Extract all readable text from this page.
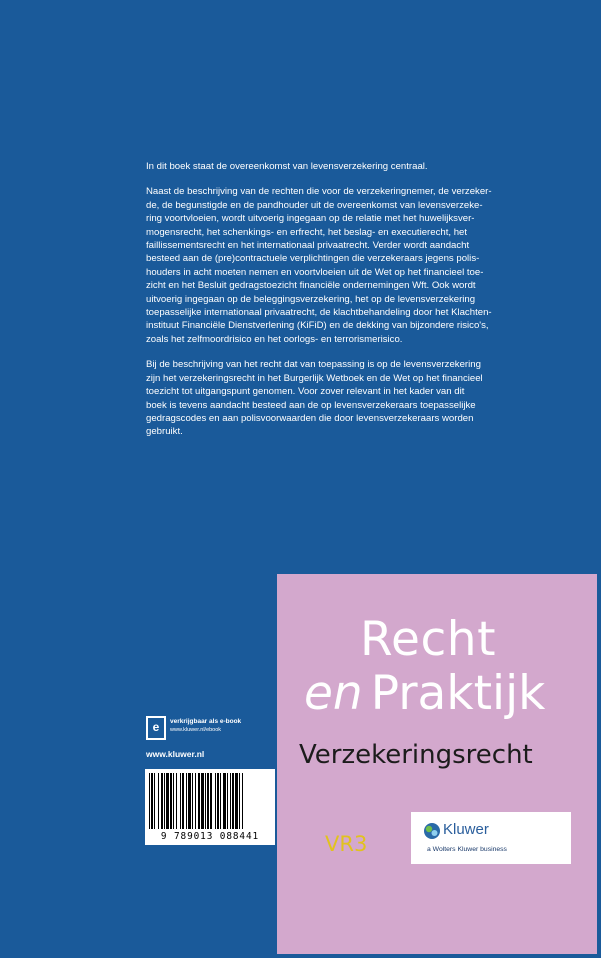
In dit boek staat de overeenkomst van levensverzekering centraal.

Naast de beschrijving van de rechten die voor de verzekeringnemer, de verzeker-
de, de begunstigde en de pandhouder uit de overeenkomst van levensverzeke-
ring voortvloeien, wordt uitvoerig ingegaan op de relatie met het huwelijksver-
mogensrecht, het schenkings- en erfrecht, het beslag- en executierecht, het
faillissementsrecht en het internationaal privaatrecht. Verder wordt aandacht
besteed aan de (pre)contractuele verplichtingen die verzekeraars jegens polis-
houders in acht moeten nemen en voortvloeien uit de Wet op het financieel toe-
zicht en het Besluit gedragstoezicht financiële ondernemingen Wft. Ook wordt
uitvoerig ingegaan op de beleggingsverzekering, het op de levensverzekering
toepasselijke internationaal privaatrecht, de klachtbehandeling door het Klachten-
instituut Financiële Dienstverlening (KiFiD) en de dekking van bijzondere risico's,
zoals het zelfmoordrisico en het oorlogs- en terrorismerisico.

Bij de beschrijving van het recht dat van toepassing is op de levensverzekering
zijn het verzekeringsrecht in het Burgerlijk Wetboek en de Wet op het financieel
toezicht tot uitgangspunt genomen. Voor zover relevant in het kader van dit
boek is tevens aandacht besteed aan de op levensverzekeraars toepasselijke
gedragscodes en aan polisvoorwaarden die door levensverzekeraars worden
gebruikt.

e verkrijgbaar als e-book
www.kluwer.nl/ebook
www.kluwer.nl
9 789013 088441
Recht
en Praktijk
Verzekeringsrecht
VR3
Kluwer
a Wolters Kluwer business
